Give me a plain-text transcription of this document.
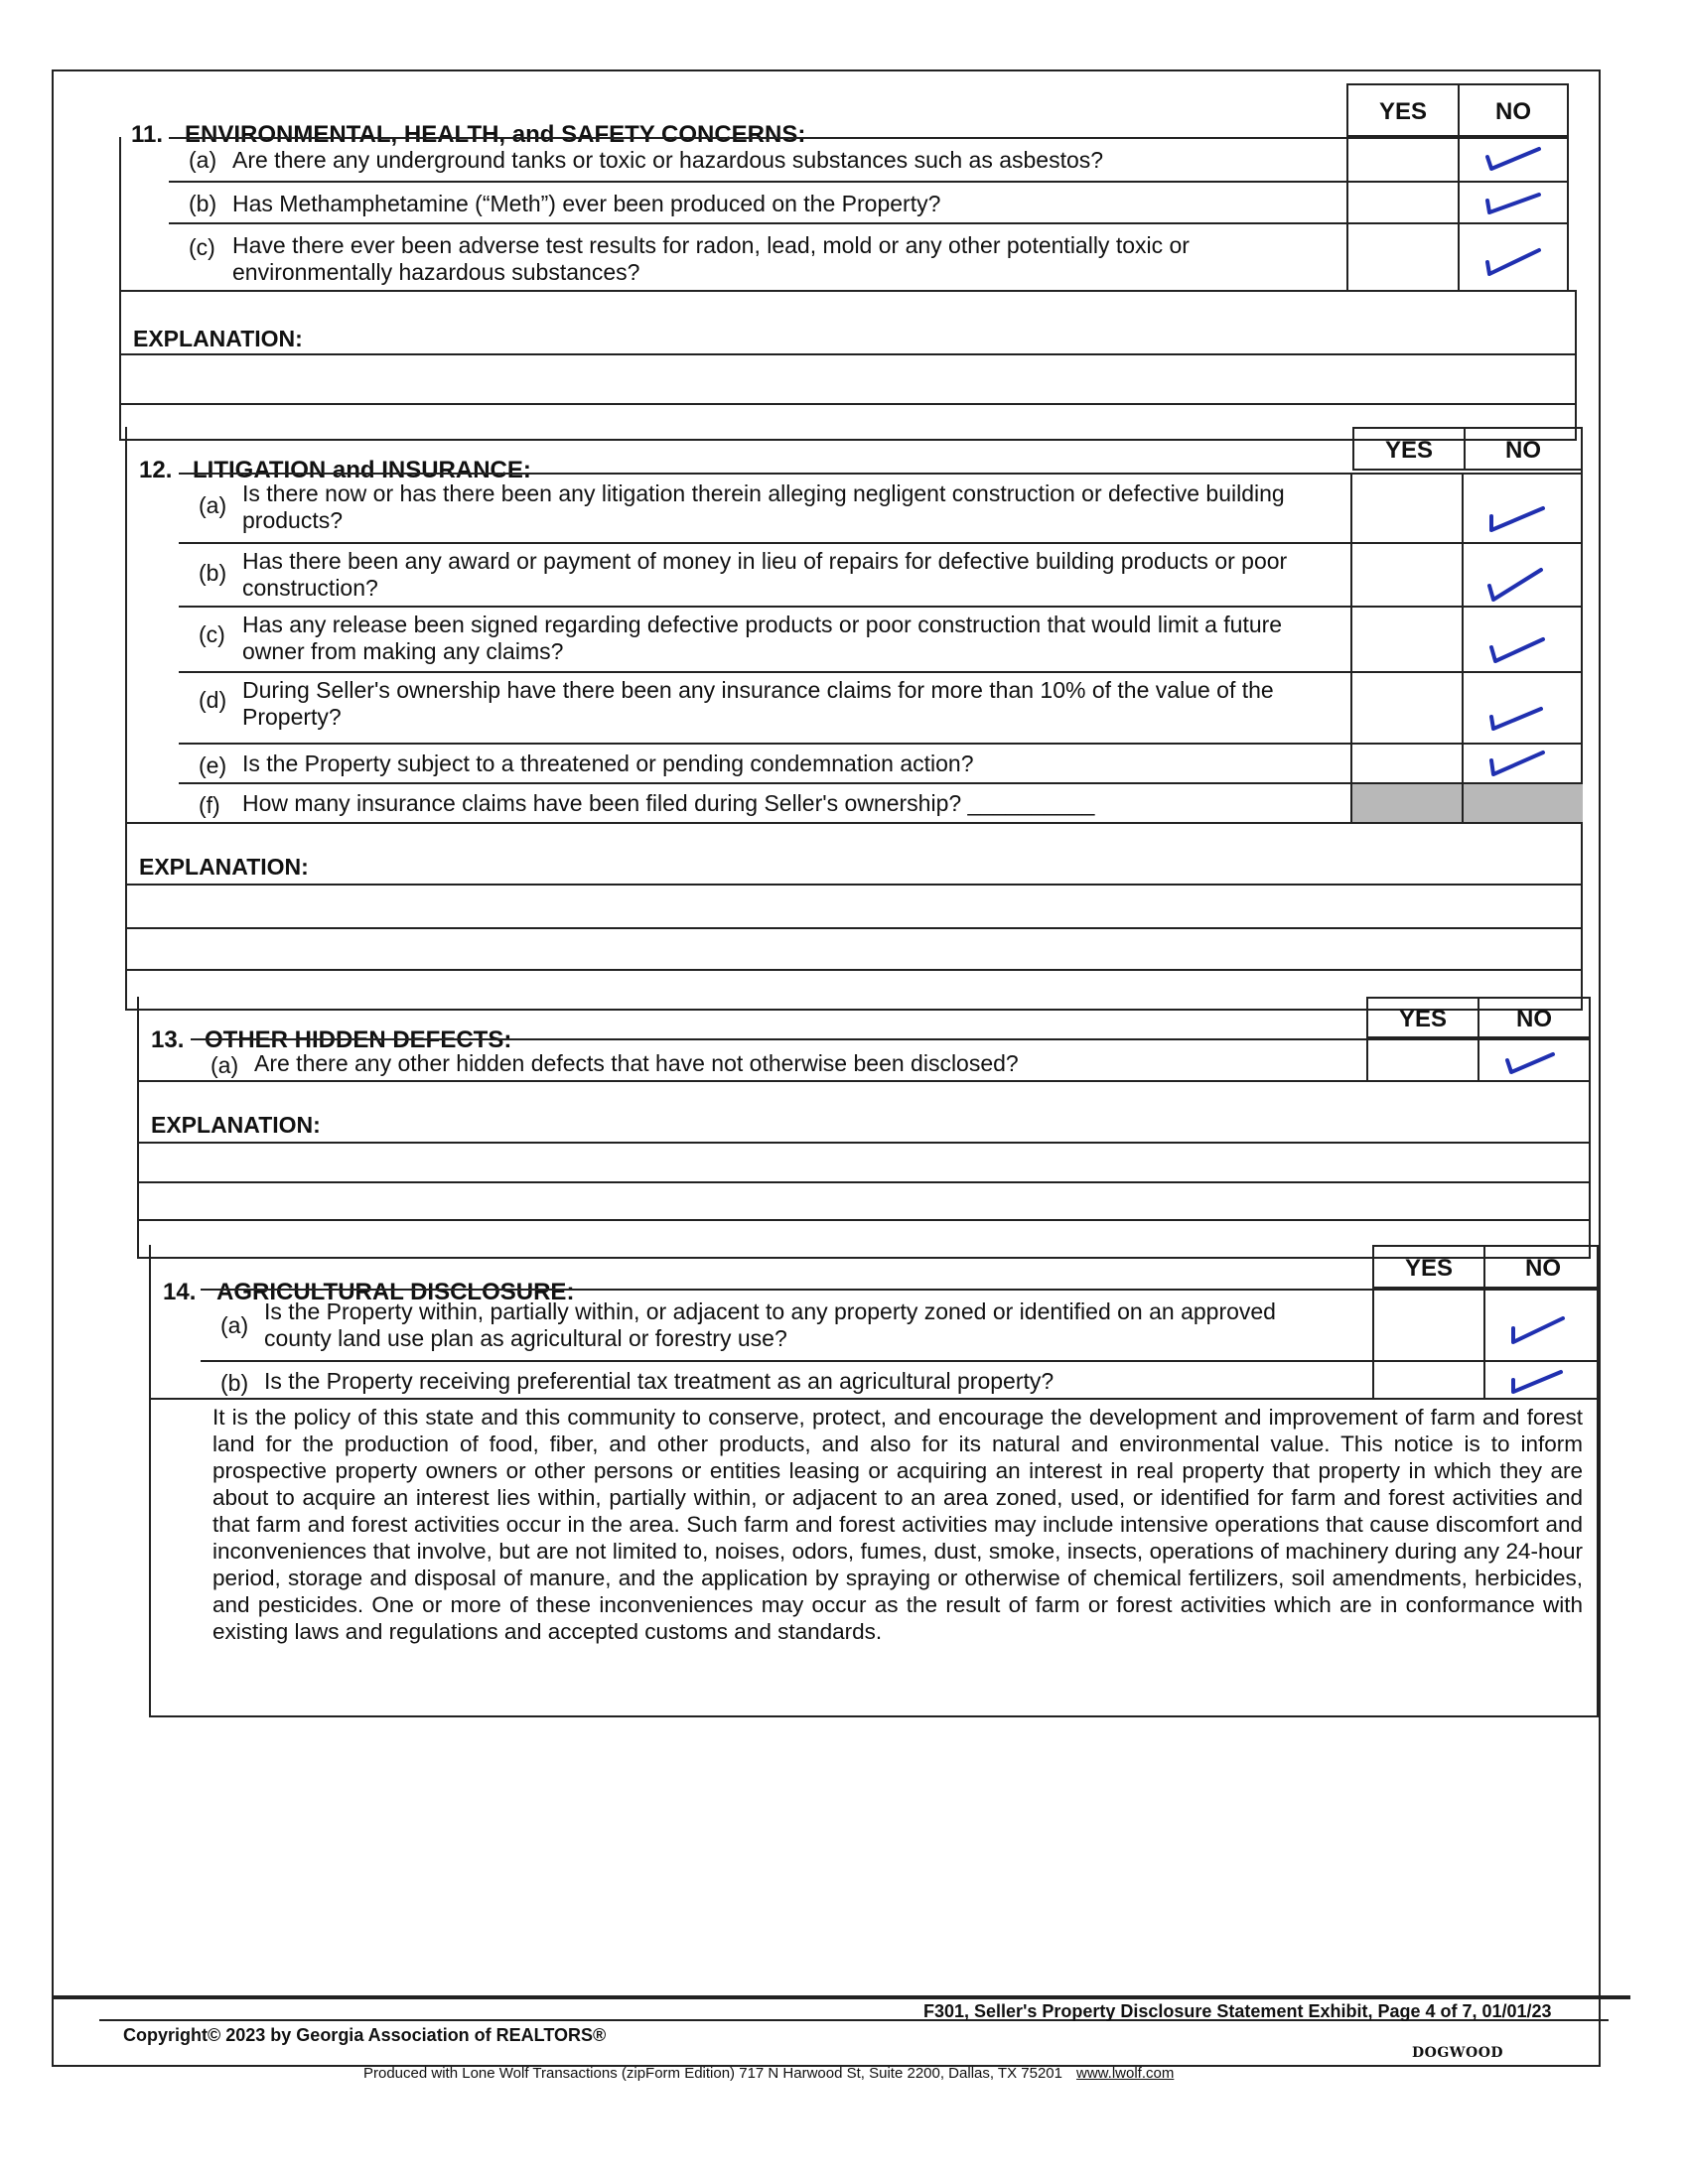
YES	NO
11. ENVIRONMENTAL, HEALTH, and SAFETY CONCERNS:
(a) Are there any underground tanks or toxic or hazardous substances such as asbestos?
(b) Has Methamphetamine (“Meth”) ever been produced on the Property?
(c) Have there ever been adverse test results for radon, lead, mold or any other potentially toxic or environmentally hazardous substances?
EXPLANATION:
YES	NO
12. LITIGATION and INSURANCE:
(a) Is there now or has there been any litigation therein alleging negligent construction or defective building products?
(b) Has there been any award or payment of money in lieu of repairs for defective building products or poor construction?
(c) Has any release been signed regarding defective products or poor construction that would limit a future owner from making any claims?
(d) During Seller's ownership have there been any insurance claims for more than 10% of the value of the Property?
(e) Is the Property subject to a threatened or pending condemnation action?
(f) How many insurance claims have been filed during Seller's ownership? __________
EXPLANATION:
YES	NO
13. OTHER HIDDEN DEFECTS:
(a) Are there any other hidden defects that have not otherwise been disclosed?
EXPLANATION:
YES	NO
14. AGRICULTURAL DISCLOSURE:
(a)
Is the Property within, partially within, or adjacent to any property zoned or identified on an approved county land use plan as agricultural or forestry use?
(b) Is the Property receiving preferential tax treatment as an agricultural property?

It is the policy of this state and this community to conserve, protect, and encourage the development and improvement of farm and forest land for the production of food, fiber, and other products, and also for its natural and environmental value. This notice is to inform prospective property owners or other persons or entities leasing or acquiring an interest in real property that property in which they are about to acquire an interest lies within, partially within, or adjacent to an area zoned, used, or identified for farm and forest activities and that farm and forest activities occur in the area. Such farm and forest activities may include intensive operations that cause discomfort and inconveniences that involve, but are not limited to, noises, odors, fumes, dust, smoke, insects, operations of machinery during any 24-hour period, storage and disposal of manure, and the application by spraying or otherwise of chemical fertilizers, soil amendments, herbicides, and pesticides. One or more of these inconveniences may occur as the result of farm or forest activities which are in conformance with existing laws and regulations and accepted customs and standards.

Copyright© 2023 by Georgia Association of REALTORS®
F301, Seller's Property Disclosure Statement Exhibit, Page 4 of 7, 01/01/23
Produced with Lone Wolf Transactions (zipForm Edition) 717 N Harwood St, Suite 2200, Dallas, TX 75201 www.lwolf.com
DOGWOOD
